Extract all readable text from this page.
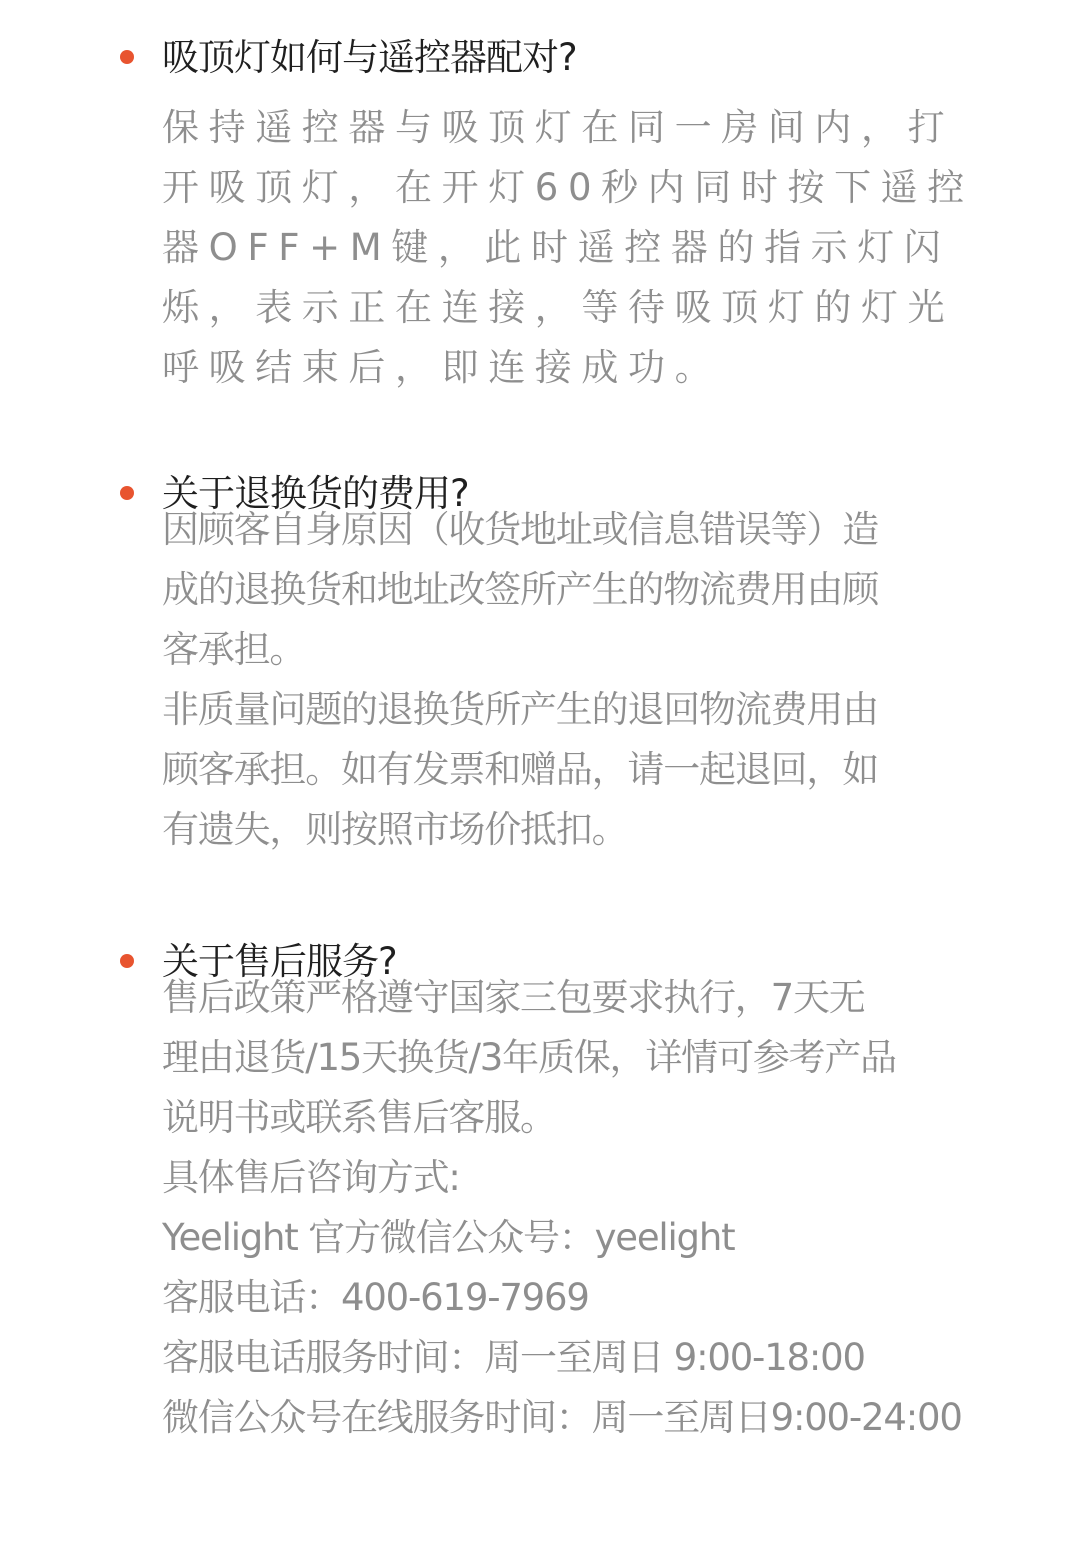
吸顶灯如何与遥控器配对?
保持遥控器与吸顶灯在同一房间内，打
开吸顶灯，在开灯60秒内同时按下遥控
器OFF+M键，此时遥控器的指示灯闪
烁，表示正在连接，等待吸顶灯的灯光
呼吸结束后，即连接成功。
关于退换货的费用?
因顾客自身原因（收货地址或信息错误等）造
成的退换货和地址改签所产生的物流费用由顾
客承担。
非质量问题的退换货所产生的退回物流费用由
顾客承担。如有发票和赠品，请一起退回，如
有遗失，则按照市场价抵扣。
关于售后服务?
售后政策严格遵守国家三包要求执行，7天无
理由退货/15天换货/3年质保，详情可参考产品
说明书或联系售后客服。
具体售后咨询方式:
Yeelight 官方微信公众号：yeelight
客服电话：400-619-7969
客服电话服务时间：周一至周日 9:00-18:00
微信公众号在线服务时间：周一至周日9:00-24:00
